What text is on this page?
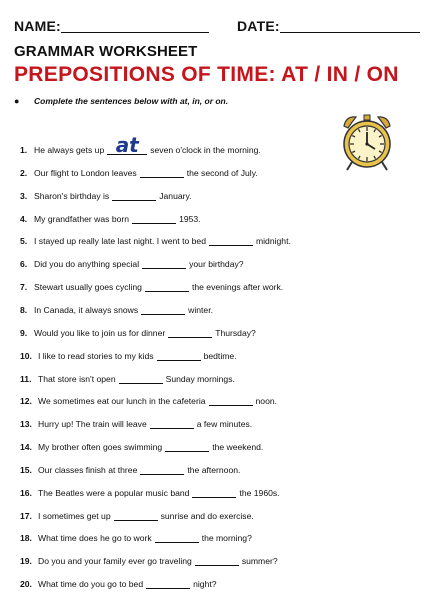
NAME:	DATE:
GRAMMAR WORKSHEET
PREPOSITIONS OF TIME: AT / IN / ON
● Complete the sentences below with at, in, or on.
1. He always gets up at	seven o'clock in the morning.
2. Our flight to London leaves	the second of July.
3. Sharon's birthday is	January.
4. My grandfather was born	1953.
5. I stayed up really late last night. I went to bed	midnight.
6. Did you do anything special	your birthday?
7. Stewart usually goes cycling	the evenings after work.
8. In Canada, it always snows	winter.
9. Would you like to join us for dinner	Thursday?
10. I like to read stories to my kids	bedtime.
11. That store isn't open	Sunday mornings.
12. We sometimes eat our lunch in the cafeteria	noon.
13. Hurry up! The train will leave	a few minutes.
14. My brother often goes swimming	the weekend.
15. Our classes finish at three	the afternoon.
16. The Beatles were a popular music band	the 1960s.
17. I sometimes get up	sunrise and do exercise.
18. What time does he go to work	the morning?
19. Do you and your family ever go traveling	summer?
20. What time do you go to bed	night?
